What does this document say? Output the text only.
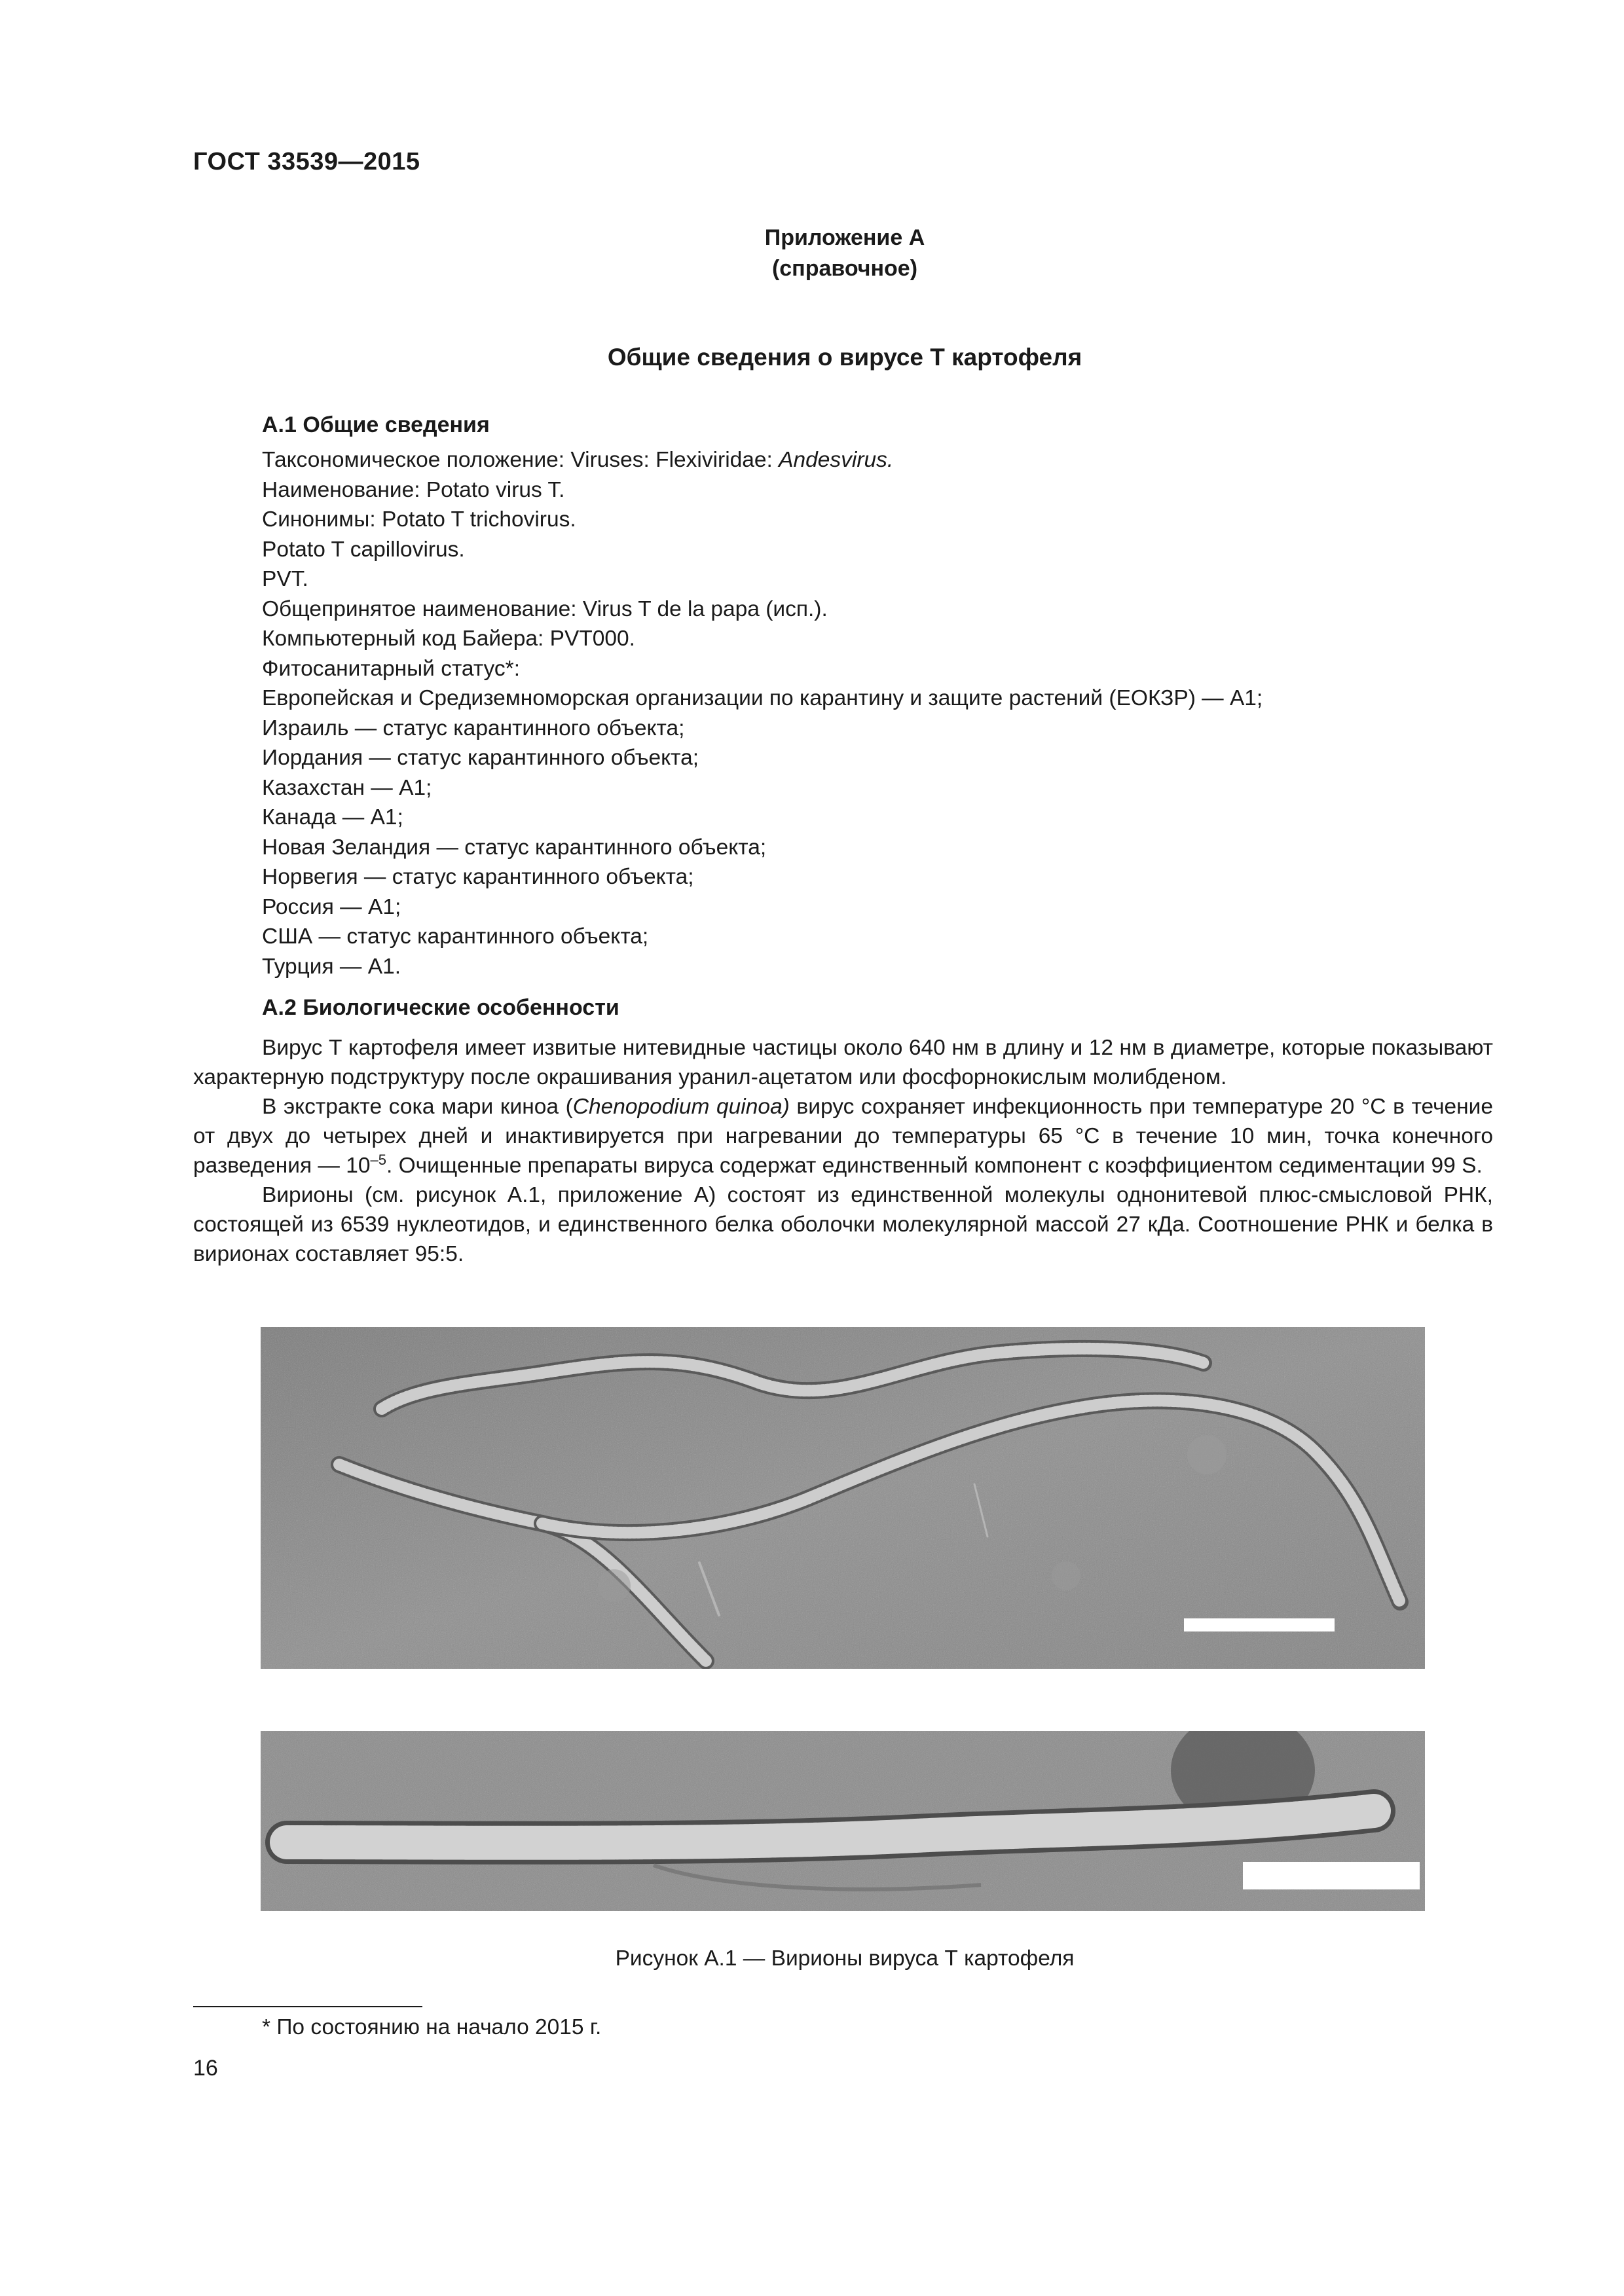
ГОСТ 33539—2015
Приложение А
(справочное)
Общие сведения о вирусе Т картофеля
А.1 Общие сведения
Таксономическое положение: Viruses: Flexiviridae: Andesvirus.
Наименование: Potato virus T.
Синонимы: Potato T trichovirus.
Potato T capillovirus.
PVT.
Общепринятое наименование: Virus T de la papa (исп.).
Компьютерный код Байера: PVT000.
Фитосанитарный статус*:
Европейская и Средиземноморская организации по карантину и защите растений (ЕОКЗР) — А1;
Израиль — статус карантинного объекта;
Иордания — статус карантинного объекта;
Казахстан — А1;
Канада — А1;
Новая Зеландия — статус карантинного объекта;
Норвегия — статус карантинного объекта;
Россия — А1;
США — статус карантинного объекта;
Турция — А1.
А.2 Биологические особенности

Вирус Т картофеля имеет извитые нитевидные частицы около 640 нм в длину и 12 нм в диаметре, которые показывают характерную подструктуру после окрашивания уранил-ацетатом или фосфорнокислым молибденом.

В экстракте сока мари киноа (Chenopodium quinoa) вирус сохраняет инфекционность при температуре 20 °С в течение от двух до четырех дней и инактивируется при нагревании до температуры 65 °С в течение 10 мин, точка конечного разведения — $10^{-5}$. Очищенные препараты вируса содержат единственный компонент с коэффициентом седиментации 99 S.

Вирионы (см. рисунок А.1, приложение А) состоят из единственной молекулы однонитевой плюс-смысловой РНК, состоящей из 6539 нуклеотидов, и единственного белка оболочки молекулярной массой 27 кДа. Соотношение РНК и белка в вирионах составляет 95:5.

Рисунок А.1 — Вирионы вируса Т картофеля
* По состоянию на начало 2015 г.
16
